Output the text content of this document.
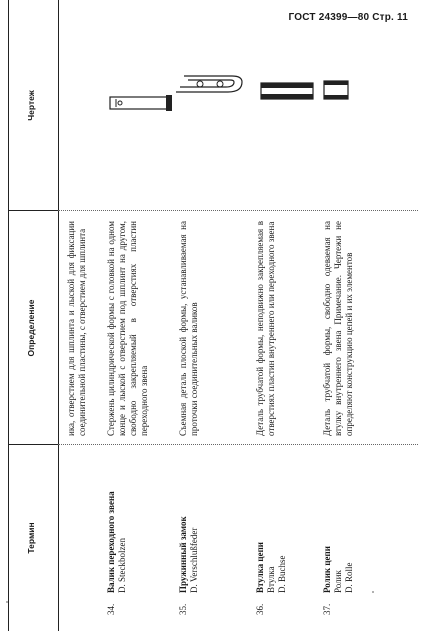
ГОСТ 24399—80 Стр. 11
Термин
Определение
Чертеж
ика, отверстием для шплинта и лыской для фиксации соединительной пластины, с отверстием для шплинта
34.Валик переходного звена D. Steckbolzen
Стержень цилиндрической формы с головкой на одном конце и лыской с отверстием под шплинт на другом, свободно закрепляемый в отверстиях пластин переходного звена
35.Пружинный замок D. Verschlußfeder
Съемная деталь плоской формы, устанавливаемая на проточки соединительных валиков
36.Втулка цепи Втулка D. Buchse
Деталь трубчатой формы, неподвижно закрепляемая в отверстиях пластин внутреннего или переходного звена
37.Ролик цепи Ролик D. Rolle
Деталь трубчатой формы, свободно одеваемая на втулку внутреннего звена Примечание. Чертежи не определяют конструкцию цепей и их элементов
